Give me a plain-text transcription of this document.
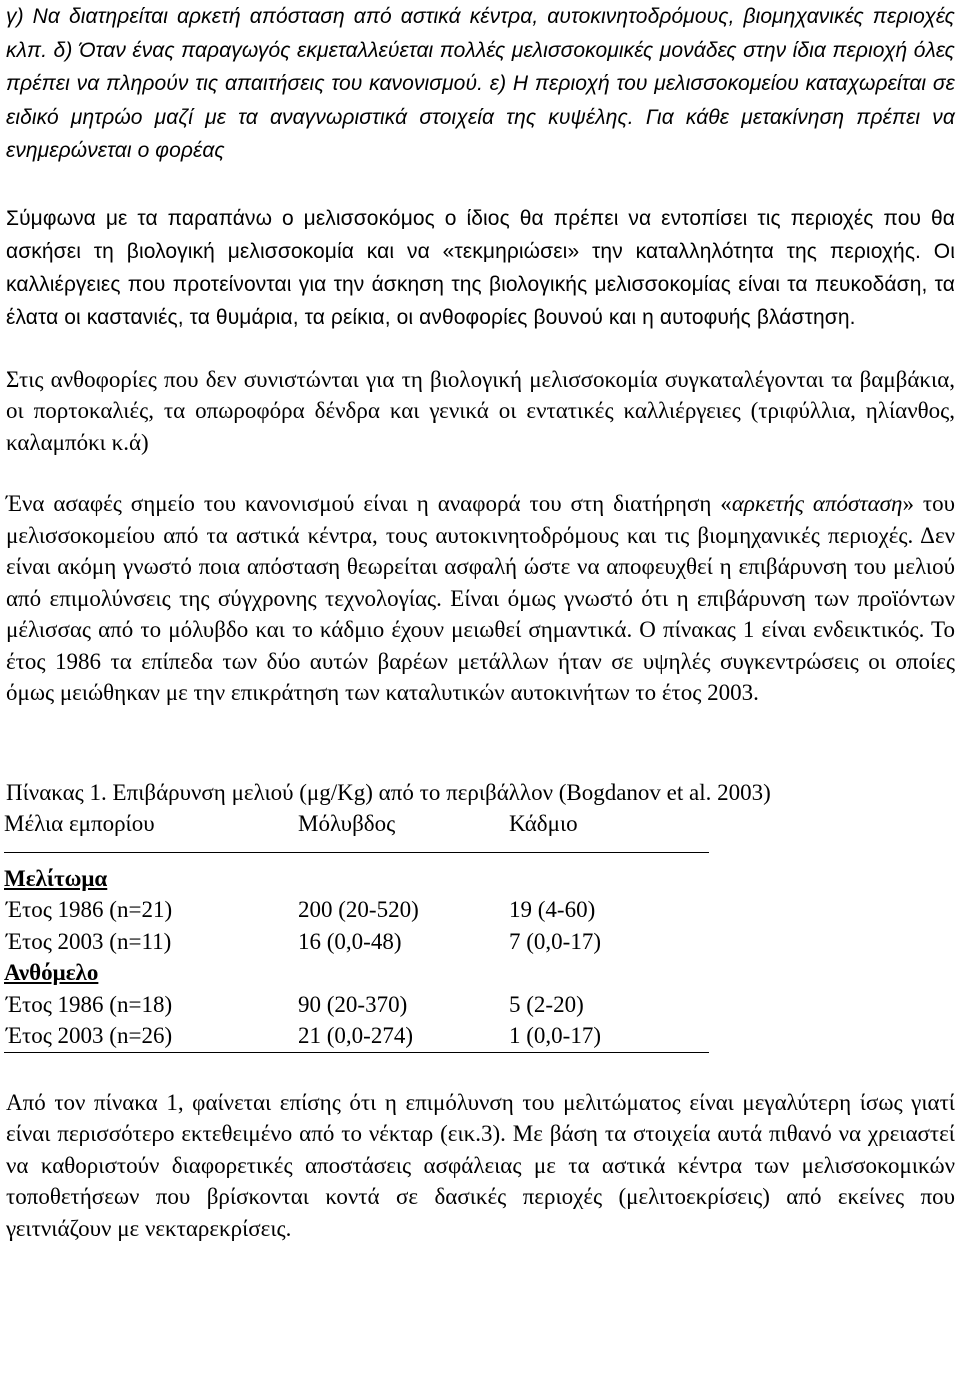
γ) Να διατηρείται αρκετή απόσταση από αστικά κέντρα, αυτοκινητοδρόμους, βιομηχανικές περιοχές κλπ. δ) Όταν ένας παραγωγός εκμεταλλεύεται πολλές μελισσοκομικές μονάδες στην ίδια περιοχή όλες πρέπει να πληρούν τις απαιτήσεις του κανονισμού. ε) Η περιοχή του μελισσοκομείου καταχωρείται σε ειδικό μητρώο μαζί με τα αναγνωριστικά στοιχεία της κυψέλης. Για κάθε μετακίνηση πρέπει να ενημερώνεται ο φορέας

Σύμφωνα με τα παραπάνω ο μελισσοκόμος ο ίδιος θα πρέπει να εντοπίσει τις περιοχές που θα ασκήσει τη βιολογική μελισσοκομία και να «τεκμηριώσει» την καταλληλότητα της περιοχής. Οι καλλιέργειες που προτείνονται για την άσκηση της βιολογικής μελισσοκομίας είναι τα πευκοδάση, τα έλατα οι καστανιές, τα θυμάρια, τα ρείκια, οι ανθοφορίες βουνού και η αυτοφυής βλάστηση.

Στις ανθοφορίες που δεν συνιστώνται για τη βιολογική μελισσοκομία συγκαταλέγονται τα βαμβάκια, οι πορτοκαλιές, τα οπωροφόρα δένδρα και γενικά οι εντατικές καλλιέργειες (τριφύλλια, ηλίανθος, καλαμπόκι κ.ά)

Ένα ασαφές σημείο του κανονισμού είναι η αναφορά του στη διατήρηση «αρκετής απόσταση» του μελισσοκομείου από τα αστικά κέντρα, τους αυτοκινητοδρόμους και τις βιομηχανικές περιοχές. Δεν είναι ακόμη γνωστό ποια απόσταση θεωρείται ασφαλή ώστε να αποφευχθεί η επιβάρυνση του μελιού από επιμολύνσεις της σύγχρονης τεχνολογίας. Είναι όμως γνωστό ότι η επιβάρυνση των προϊόντων μέλισσας από το μόλυβδο και το κάδμιο έχουν μειωθεί σημαντικά. Ο πίνακας 1 είναι ενδεικτικός. Το έτος 1986 τα επίπεδα των δύο αυτών βαρέων μετάλλων ήταν σε υψηλές συγκεντρώσεις οι οποίες όμως μειώθηκαν με την επικράτηση των καταλυτικών αυτοκινήτων το έτος 2003.

Πίνακας 1. Επιβάρυνση μελιού (μg/Kg) από το περιβάλλον (Bogdanov et al. 2003)
Μέλια εμπορίου	Μόλυβδος	Κάδμιο
Μελίτωμα		
Έτος 1986 (n=21)	200 (20-520)	19 (4-60)
Έτος 2003 (n=11)	16 (0,0-48)	7 (0,0-17)
Ανθόμελο		
Έτος 1986 (n=18)	90 (20-370)	5 (2-20)
Έτος 2003 (n=26)	21 (0,0-274)	1 (0,0-17)

Από τον πίνακα 1, φαίνεται επίσης ότι η επιμόλυνση του μελιτώματος είναι μεγαλύτερη ίσως γιατί είναι περισσότερο εκτεθειμένο από το νέκταρ (εικ.3). Με βάση τα στοιχεία αυτά πιθανό να χρειαστεί να καθοριστούν διαφορετικές αποστάσεις ασφάλειας με τα αστικά κέντρα των μελισσοκομικών τοποθετήσεων που βρίσκονται κοντά σε δασικές περιοχές (μελιτοεκρίσεις) από εκείνες που γειτνιάζουν με νεκταρεκρίσεις.
